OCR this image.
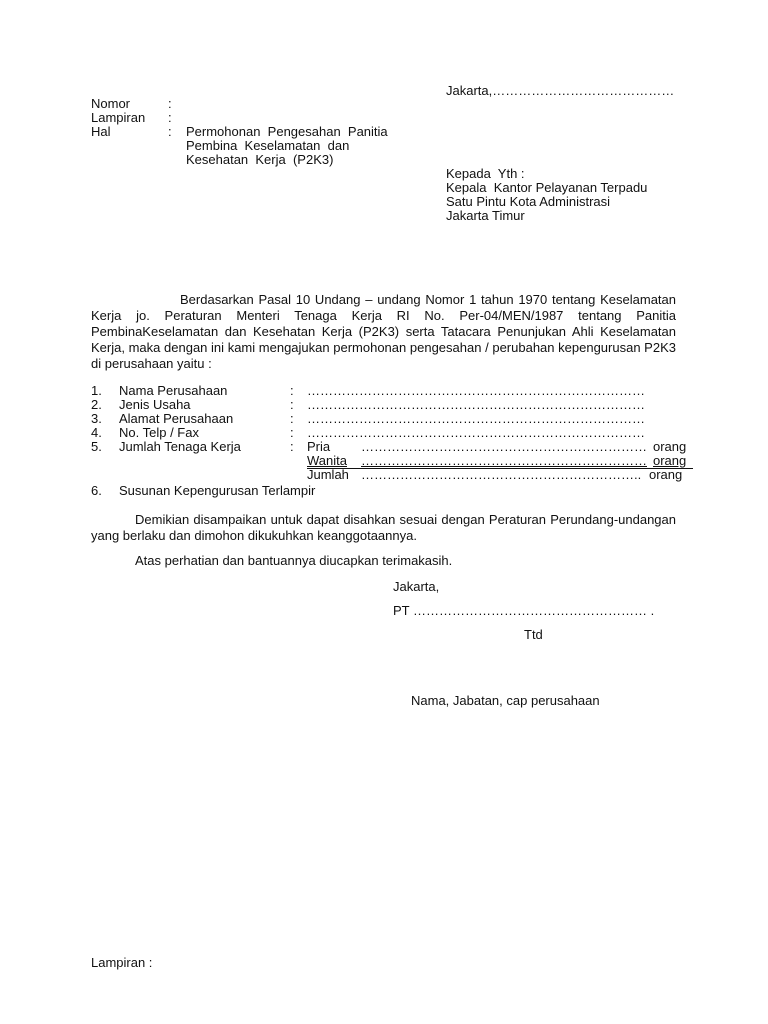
Jakarta,……………………………………
Nomor	:
Lampiran :
Hal	: Permohonan  Pengesahan  Panitia
Pembina  Keselamatan  dan
Kesehatan  Kerja  (P2K3)
Kepada  Yth :
Kepala  Kantor Pelayanan Terpadu
Satu Pintu Kota Administrasi
Jakarta Timur
Berdasarkan Pasal 10 Undang – undang Nomor 1 tahun 1970 tentang Keselamatan Kerja jo. Peraturan Menteri Tenaga Kerja RI No. Per-04/MEN/1987 tentang Panitia PembinaKeselamatan dan Kesehatan Kerja (P2K3) serta Tatacara Penunjukan Ahli Keselamatan Kerja, maka dengan ini kami mengajukan permohonan pengesahan / perubahan kepengurusan P2K3 di perusahaan yaitu :
1. Nama Perusahaan	: ……………………………………………………………………
2. Jenis Usaha	: ……………………………………………………………………
3. Alamat Perusahaan	: ……………………………………………………………………
4. No. Telp / Fax	: ……………………………………………………………………
5. Jumlah Tenaga Kerja	: Pria ………………………………………………………… orang
Wanita ………………………………………………………… orang
Jumlah ……………………………………………………….. orang
6. Susunan Kepengurusan Terlampir
Demikian disampaikan untuk dapat disahkan sesuai dengan Peraturan Perundang-undangan yang berlaku dan dimohon dikukuhkan keanggotaannya.
Atas perhatian dan bantuannya diucapkan terimakasih.
Jakarta,
PT ……………………………………………… .
Ttd
Nama, Jabatan, cap perusahaan
Lampiran :
